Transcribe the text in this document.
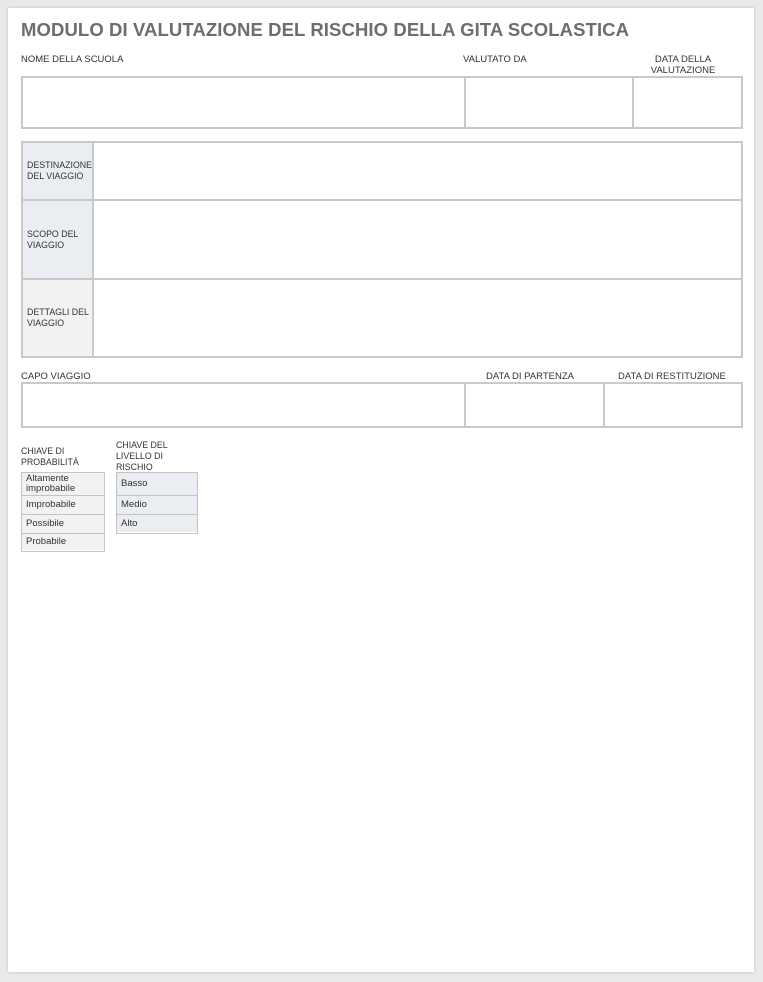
MODULO DI VALUTAZIONE DEL RISCHIO DELLA GITA SCOLASTICA
NOME DELLA SCUOLA	VALUTATO DA	DATA DELLA VALUTAZIONE
DESTINAZIONE DEL VIAGGIO
SCOPO DEL VIAGGIO
DETTAGLI DEL VIAGGIO
CAPO VIAGGIO	DATA DI PARTENZA	DATA DI RESTITUZIONE
CHIAVE DI PROBABILITÀ
Altamente improbabile
Improbabile
Possibile
Probabile
CHIAVE DEL LIVELLO DI RISCHIO
Basso
Medio
Alto
